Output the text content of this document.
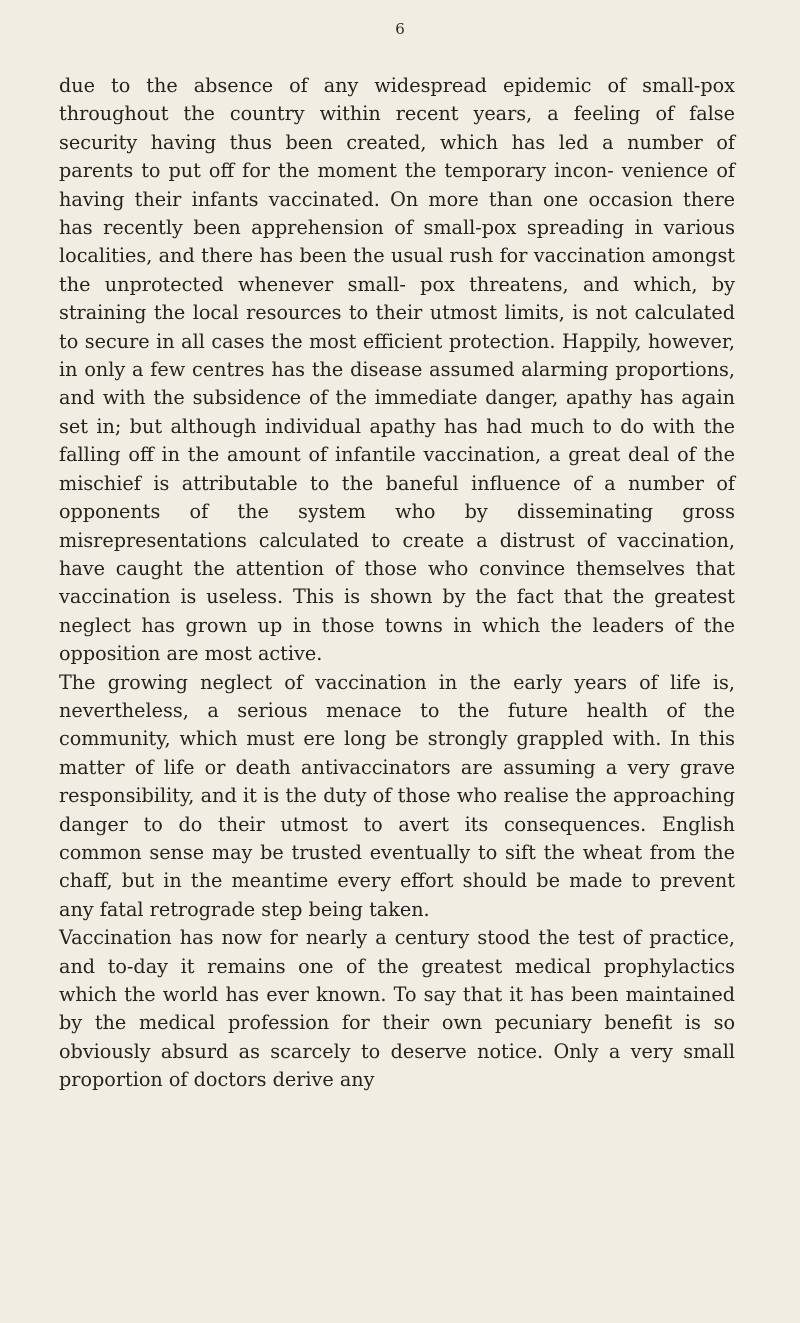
6

due to the absence of any widespread epidemic of small-pox throughout the country within recent years, a feeling of false security having thus been created, which has led a number of parents to put off for the moment the temporary incon- venience of having their infants vaccinated. On more than one occasion there has recently been apprehension of small-pox spreading in various localities, and there has been the usual rush for vaccination amongst the unprotected whenever small- pox threatens, and which, by straining the local resources to their utmost limits, is not calculated to secure in all cases the most efficient protection. Happily, however, in only a few centres has the disease assumed alarming proportions, and with the subsidence of the immediate danger, apathy has again set in; but although individual apathy has had much to do with the falling off in the amount of infantile vaccination, a great deal of the mischief is attributable to the baneful influence of a number of opponents of the system who by disseminating gross misrepresentations calculated to create a distrust of vaccination, have caught the attention of those who convince themselves that vaccination is useless. This is shown by the fact that the greatest neglect has grown up in those towns in which the leaders of the opposition are most active.

The growing neglect of vaccination in the early years of life is, nevertheless, a serious menace to the future health of the community, which must ere long be strongly grappled with. In this matter of life or death antivaccinators are assuming a very grave responsibility, and it is the duty of those who realise the approaching danger to do their utmost to avert its consequences. English common sense may be trusted eventually to sift the wheat from the chaff, but in the meantime every effort should be made to prevent any fatal retrograde step being taken.

Vaccination has now for nearly a century stood the test of practice, and to-day it remains one of the greatest medical prophylactics which the world has ever known. To say that it has been maintained by the medical profession for their own pecuniary benefit is so obviously absurd as scarcely to deserve notice. Only a very small proportion of doctors derive any
